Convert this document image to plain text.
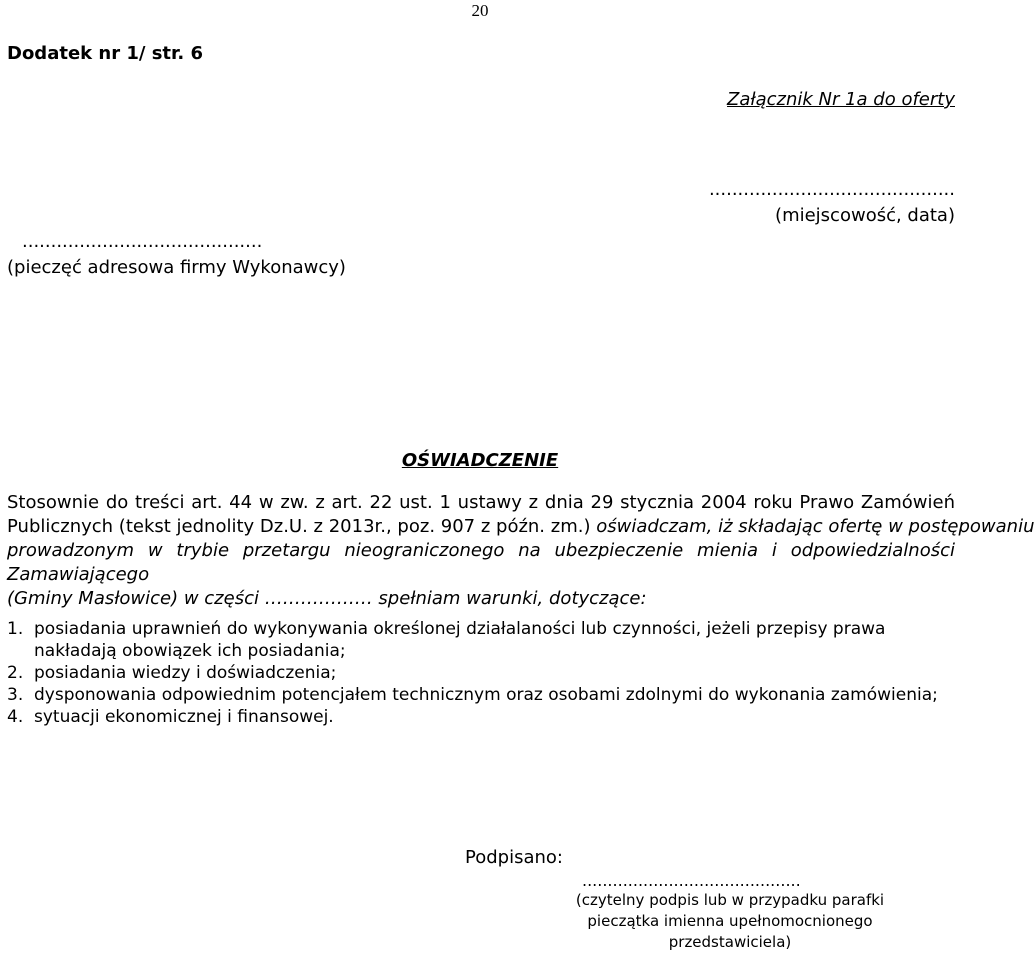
20
Dodatek nr 1/ str. 6
Załącznik Nr 1a do oferty
...........................................
(miejscowość, data)
..........................................
(pieczęć adresowa firmy Wykonawcy)
OŚWIADCZENIE
Stosownie do treści art. 44 w zw. z art. 22 ust. 1 ustawy z dnia 29 stycznia 2004 roku Prawo Zamówień
Publicznych (tekst jednolity Dz.U. z 2013r., poz. 907 z późn. zm.) oświadczam, iż składając ofertę w postępowaniu
prowadzonym w trybie przetargu nieograniczonego na ubezpieczenie mienia i odpowiedzialności Zamawiającego
(Gminy Masłowice) w części ……………… spełniam warunki, dotyczące:
1. posiadania uprawnień do wykonywania określonej działalaności lub czynności, jeżeli przepisy prawa nakładają obowiązek ich posiadania;
2. posiadania wiedzy i doświadczenia;
3. dysponowania odpowiednim potencjałem technicznym oraz osobami zdolnymi do wykonania zamówienia;
4. sytuacji ekonomicznej i finansowej.
Podpisano:
...........................................
(czytelny podpis lub w przypadku parafki
pieczątka imienna upełnomocnionego
przedstawiciela)
